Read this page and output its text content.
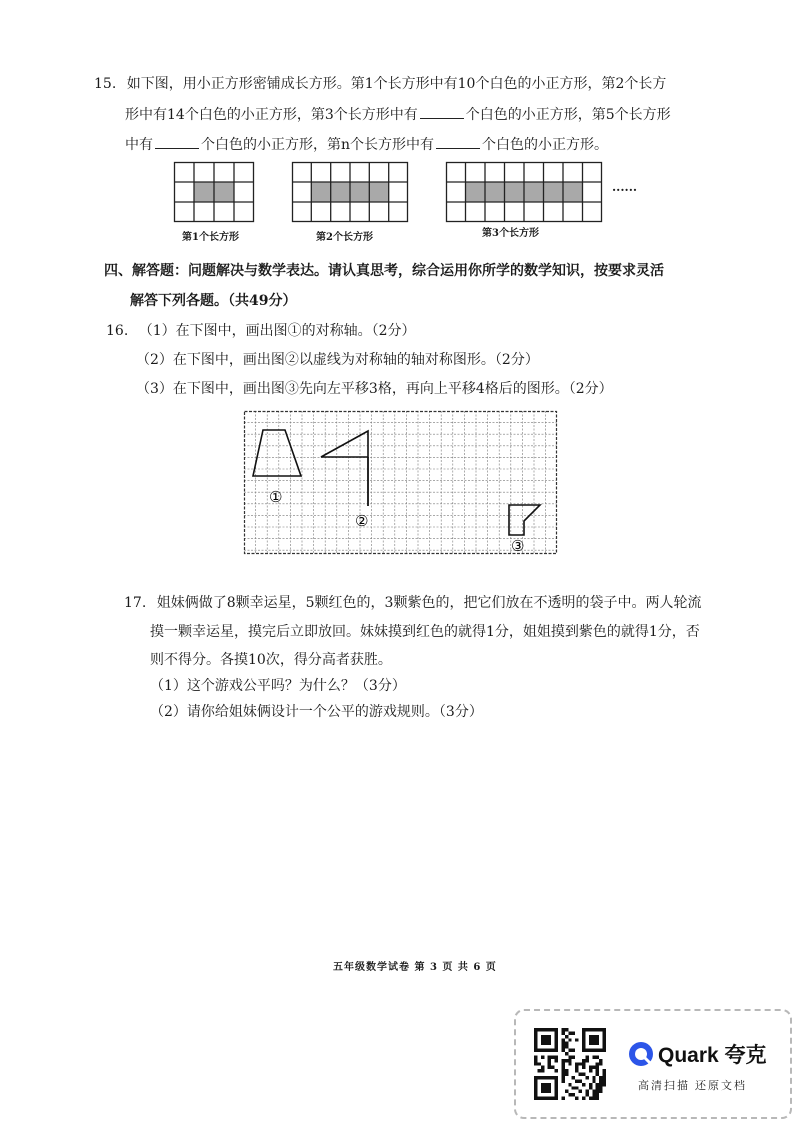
15. 如下图，用小正方形密铺成长方形。第1个长方形中有10个白色的小正方形，第2个长方
形中有14个白色的小正方形，第3个长方形中有	个白色的小正方形，第5个长方形
中有	个白色的小正方形，第n个长方形中有	个白色的小正方形。
第1个长方形	第2个长方形	第3个长方形
......
四、解答题：问题解决与数学表达。请认真思考，综合运用你所学的数学知识，按要求灵活
解答下列各题。（共49分）
16. （1）在下图中，画出图①的对称轴。（2分）
（2）在下图中，画出图②以虚线为对称轴的轴对称图形。（2分）
（3）在下图中，画出图③先向左平移3格，再向上平移4格后的图形。（2分）
①
②
③
17. 姐妹俩做了8颗幸运星，5颗红色的，3颗紫色的，把它们放在不透明的袋子中。两人轮流
摸一颗幸运星，摸完后立即放回。妹妹摸到红色的就得1分，姐姐摸到紫色的就得1分，否
则不得分。各摸10次，得分高者获胜。
（1）这个游戏公平吗？为什么？（3分）
（2）请你给姐妹俩设计一个公平的游戏规则。（3分）
五年级数学试卷 第 3 页 共 6 页
Quark 夸克
高清扫描 还原文档
